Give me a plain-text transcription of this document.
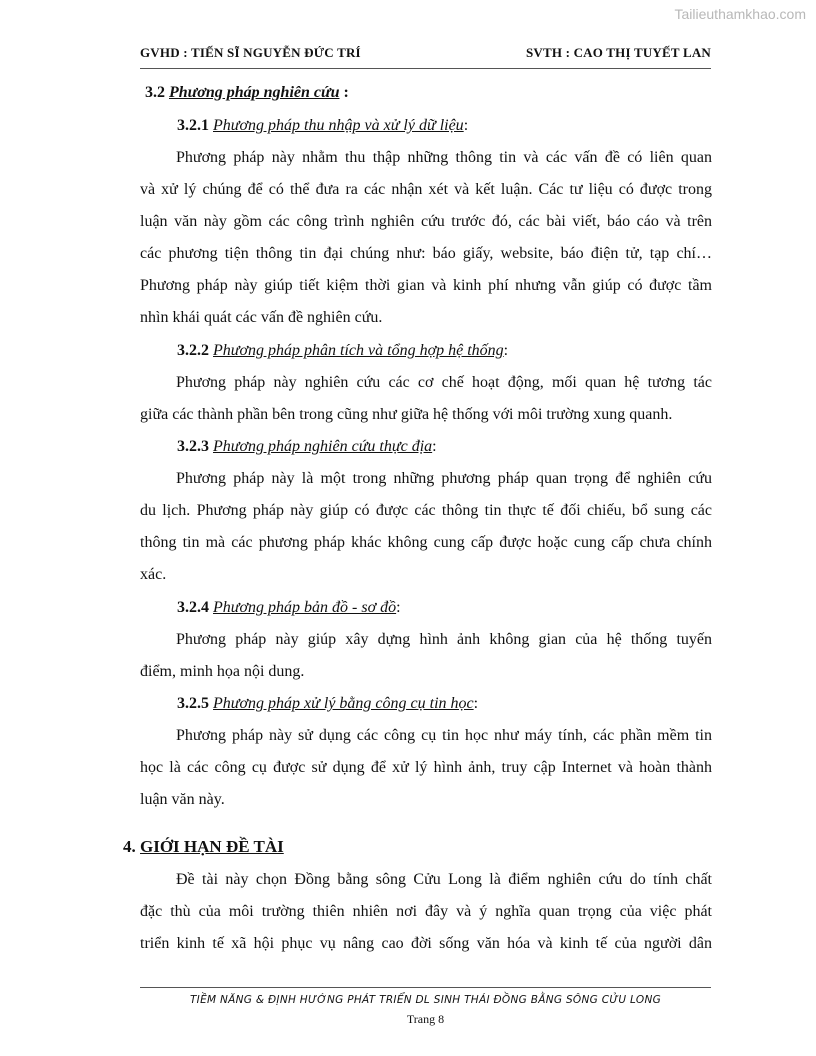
Tailieuthamkhao.com
GVHD : TIẾN SĨ NGUYỄN ĐỨC TRÍ	SVTH : CAO THỊ TUYẾT LAN
3.2 Phương pháp nghiên cứu :
3.2.1 Phương pháp thu nhập và xử lý dữ liệu:
Phương pháp này nhằm thu thập những thông tin và các vấn đề có liên quan
và xử lý chúng để có thể đưa ra các nhận xét và kết luận. Các tư liệu có được trong
luận văn này gồm các công trình nghiên cứu trước đó, các bài viết, báo cáo và trên
các phương tiện thông tin đại chúng như: báo giấy, website, báo điện tử, tạp chí…
Phương pháp này giúp tiết kiệm thời gian và kinh phí nhưng vẫn giúp có được tầm
nhìn khái quát các vấn đề nghiên cứu.
3.2.2 Phương pháp phân tích và tổng hợp hệ thống:
Phương pháp này nghiên cứu các cơ chế hoạt động, mối quan hệ tương tác
giữa các thành phần bên trong cũng như giữa hệ thống với môi trường xung quanh.
3.2.3 Phương pháp nghiên cứu thực địa:
Phương pháp này là một trong những phương pháp quan trọng để nghiên cứu
du lịch. Phương pháp này giúp có được các thông tin thực tế đối chiếu, bổ sung các
thông tin mà các phương pháp khác không cung cấp được hoặc cung cấp chưa chính
xác.
3.2.4 Phương pháp bản đồ - sơ đồ:
Phương pháp này giúp xây dựng hình ảnh không gian của hệ thống tuyến
điểm, minh họa nội dung.
3.2.5 Phương pháp xử lý bằng công cụ tin học:
Phương pháp này sử dụng các công cụ tin học như máy tính, các phần mềm tin
học là các công cụ được sử dụng để xử lý hình ảnh, truy cập Internet và hoàn thành
luận văn này.
4. GIỚI HẠN ĐỀ TÀI
Đề tài này chọn Đồng bằng sông Cửu Long là điểm nghiên cứu do tính chất
đặc thù của môi trường thiên nhiên nơi đây và ý nghĩa quan trọng của việc phát
triển kinh tế xã hội phục vụ nâng cao đời sống văn hóa và kinh tế của người dân
TIỀM NĂNG & ĐỊNH HƯỚNG PHÁT TRIỂN DL SINH THÁI ĐỒNG BẰNG SÔNG CỬU LONG
Trang 8
